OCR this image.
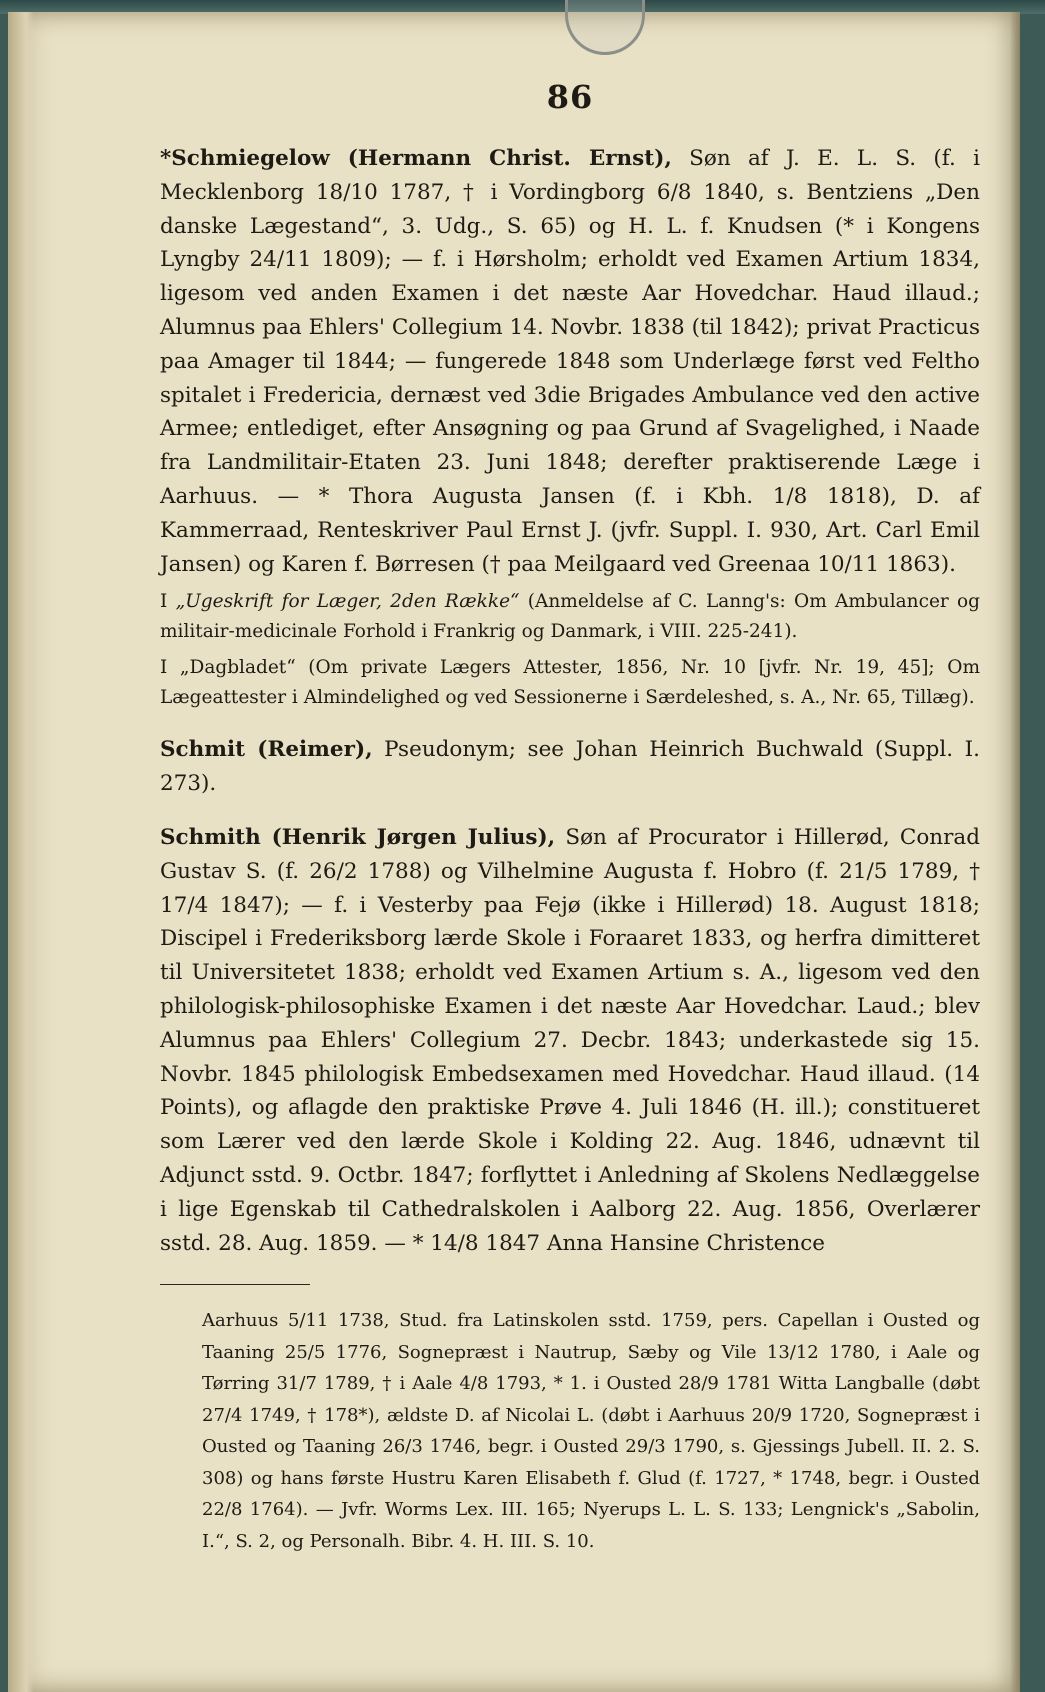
86

*Schmiegelow (Hermann Christ. Ernst), Søn af J. E. L. S. (f. i Mecklenborg 18/10 1787, † i Vordingborg 6/8 1840, s. Bentziens „Den danske Lægestand“, 3. Udg., S. 65) og H. L. f. Knudsen (* i Kongens Lyngby 24/11 1809); — f. i Hørsholm; erholdt ved Examen Artium 1834, ligesom ved anden Examen i det næste Aar Hovedchar. Haud illaud.; Alumnus paa Ehlers' Collegium 14. Novbr. 1838 (til 1842); privat Practicus paa Amager til 1844; — fungerede 1848 som Underlæge først ved Feltho spitalet i Fredericia, dernæst ved 3die Brigades Ambulance ved den active Armee; entlediget, efter Ansøgning og paa Grund af Svagelighed, i Naade fra Landmilitair-Etaten 23. Juni 1848; derefter praktiserende Læge i Aarhuus. — * Thora Augusta Jansen (f. i Kbh. 1/8 1818), D. af Kammerraad, Renteskriver Paul Ernst J. (jvfr. Suppl. I. 930, Art. Carl Emil Jansen) og Karen f. Børresen († paa Meilgaard ved Greenaa 10/11 1863).

I „Ugeskrift for Læger, 2den Række“ (Anmeldelse af C. Lanng's: Om Ambulancer og militair-medicinale Forhold i Frankrig og Danmark, i VIII. 225-241).

I „Dagbladet“ (Om private Lægers Attester, 1856, Nr. 10 [jvfr. Nr. 19, 45]; Om Lægeattester i Almindelighed og ved Sessionerne i Særdeleshed, s. A., Nr. 65, Tillæg).

Schmit (Reimer), Pseudonym; see Johan Heinrich Buchwald (Suppl. I. 273).

Schmith (Henrik Jørgen Julius), Søn af Procurator i Hillerød, Conrad Gustav S. (f. 26/2 1788) og Vilhelmine Augusta f. Hobro (f. 21/5 1789, † 17/4 1847); — f. i Vesterby paa Fejø (ikke i Hillerød) 18. August 1818; Discipel i Frederiksborg lærde Skole i Foraaret 1833, og herfra dimitteret til Universitetet 1838; erholdt ved Examen Artium s. A., ligesom ved den philologisk-philosophiske Examen i det næste Aar Hovedchar. Laud.; blev Alumnus paa Ehlers' Collegium 27. Decbr. 1843; underkastede sig 15. Novbr. 1845 philologisk Embedsexamen med Hovedchar. Haud illaud. (14 Points), og aflagde den praktiske Prøve 4. Juli 1846 (H. ill.); constitueret som Lærer ved den lærde Skole i Kolding 22. Aug. 1846, udnævnt til Adjunct sstd. 9. Octbr. 1847; forflyttet i Anledning af Skolens Nedlæggelse i lige Egenskab til Cathedralskolen i Aalborg 22. Aug. 1856, Overlærer sstd. 28. Aug. 1859. — * 14/8 1847 Anna Hansine Christence

Aarhuus 5/11 1738, Stud. fra Latinskolen sstd. 1759, pers. Capellan i Ousted og Taaning 25/5 1776, Sognepræst i Nautrup, Sæby og Vile 13/12 1780, i Aale og Tørring 31/7 1789, † i Aale 4/8 1793, * 1. i Ousted 28/9 1781 Witta Langballe (døbt 27/4 1749, † 178*), ældste D. af Nicolai L. (døbt i Aarhuus 20/9 1720, Sognepræst i Ousted og Taaning 26/3 1746, begr. i Ousted 29/3 1790, s. Gjessings Jubell. II. 2. S. 308) og hans første Hustru Karen Elisabeth f. Glud (f. 1727, * 1748, begr. i Ousted 22/8 1764). — Jvfr. Worms Lex. III. 165; Nyerups L. L. S. 133; Lengnick's „Sabolin, I.“, S. 2, og Personalh. Bibr. 4. H. III. S. 10.
